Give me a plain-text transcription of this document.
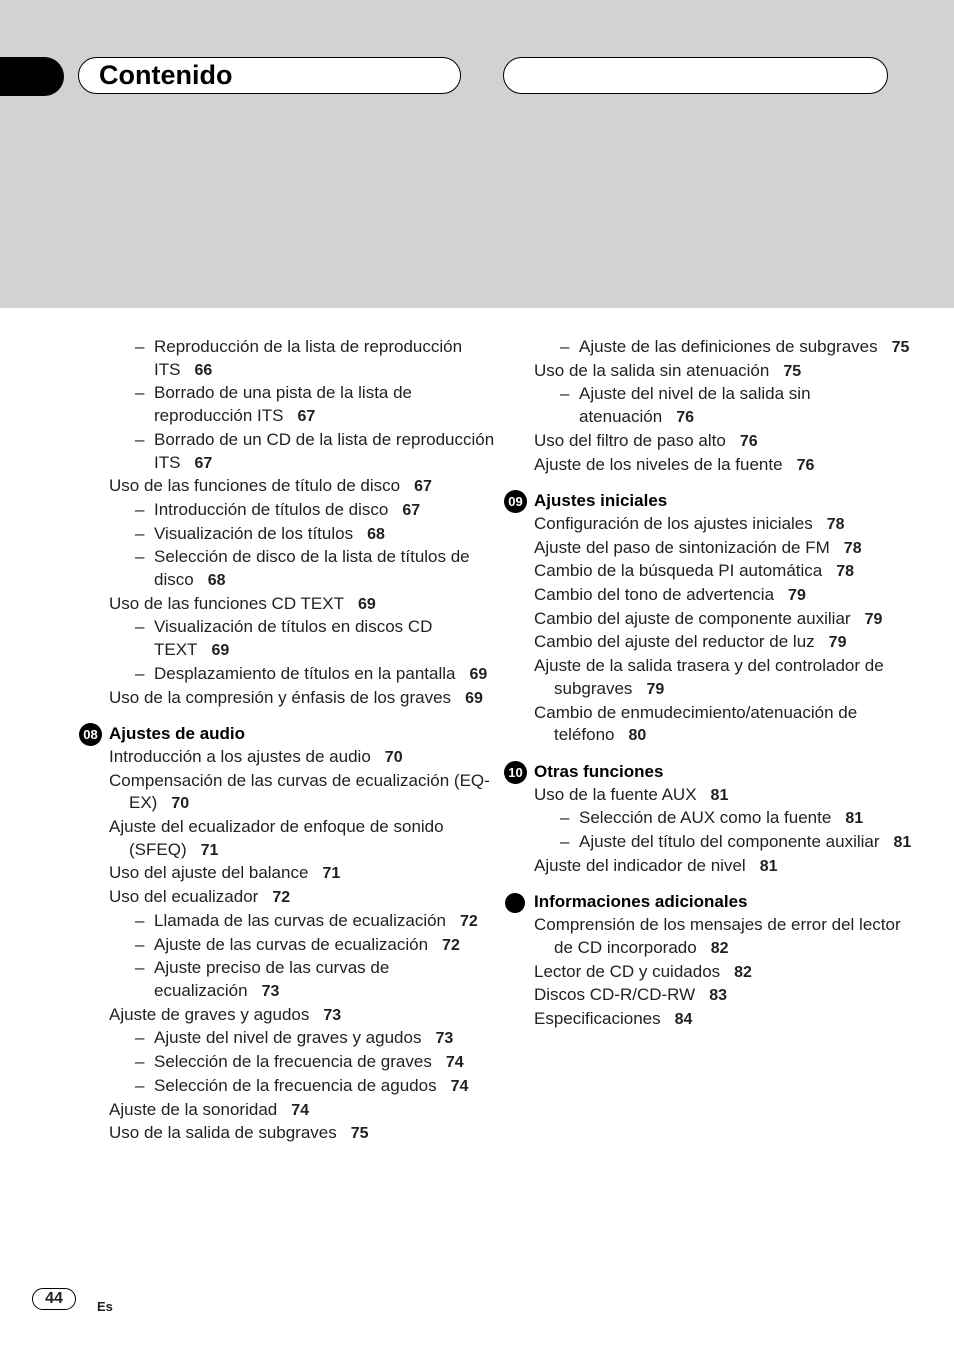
Contenido
– Reproducción de la lista de reproducción ITS 66
– Borrado de una pista de la lista de reproducción ITS 67
– Borrado de un CD de la lista de reproducción ITS 67
Uso de las funciones de título de disco 67
– Introducción de títulos de disco 67
– Visualización de los títulos 68
– Selección de disco de la lista de títulos de disco 68
Uso de las funciones CD TEXT 69
– Visualización de títulos en discos CD TEXT 69
– Desplazamiento de títulos en la pantalla 69
Uso de la compresión y énfasis de los graves 69
08 Ajustes de audio
Introducción a los ajustes de audio 70
Compensación de las curvas de ecualización (EQ-EX) 70
Ajuste del ecualizador de enfoque de sonido (SFEQ) 71
Uso del ajuste del balance 71
Uso del ecualizador 72
– Llamada de las curvas de ecualización 72
– Ajuste de las curvas de ecualización 72
– Ajuste preciso de las curvas de ecualización 73
Ajuste de graves y agudos 73
– Ajuste del nivel de graves y agudos 73
– Selección de la frecuencia de graves 74
– Selección de la frecuencia de agudos 74
Ajuste de la sonoridad 74
Uso de la salida de subgraves 75
– Ajuste de las definiciones de subgraves 75
Uso de la salida sin atenuación 75
– Ajuste del nivel de la salida sin atenuación 76
Uso del filtro de paso alto 76
Ajuste de los niveles de la fuente 76
09 Ajustes iniciales
Configuración de los ajustes iniciales 78
Ajuste del paso de sintonización de FM 78
Cambio de la búsqueda PI automática 78
Cambio del tono de advertencia 79
Cambio del ajuste de componente auxiliar 79
Cambio del ajuste del reductor de luz 79
Ajuste de la salida trasera y del controlador de subgraves 79
Cambio de enmudecimiento/atenuación de teléfono 80
10 Otras funciones
Uso de la fuente AUX 81
– Selección de AUX como la fuente 81
– Ajuste del título del componente auxiliar 81
Ajuste del indicador de nivel 81
Informaciones adicionales
Comprensión de los mensajes de error del lector de CD incorporado 82
Lector de CD y cuidados 82
Discos CD-R/CD-RW 83
Especificaciones 84
44	Es
